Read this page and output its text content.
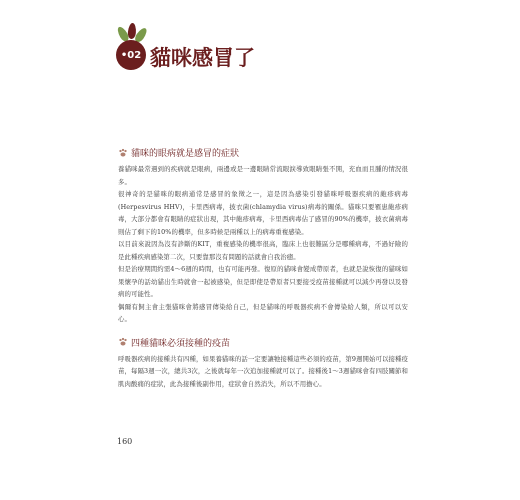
• 02 貓咪感冒了
貓咪的眼病就是感冒的症狀

養貓咪最常遇到的疾病就是眼病，兩邊或是一邊眼睛常流眼淚導致眼睛張不開，充血而且腫的情況很多。

很神奇的是貓咪的眼病通常是感冒的象徵之一，這是因為感染引發貓咪呼吸器疾病的皰疹病毒(Herpesvirus HHV)，卡里西病毒，披衣菌(chlamydia virus)病毒的關係。貓咪只要罹患皰疹病毒，大部分都會有眼睛的症狀出現，其中皰疹病毒，卡里西病毒佔了感冒的90%的機率，披衣菌病毒則佔了剩下的10%的機率，但多時候是兩種以上的病毒重複感染。

以目前來說因為沒有診斷的KIT，重複感染的機率很高，臨床上也很難區分是哪種病毒，不過好險的是此種疾病感染第二次，只要靠那沒有問題的話就會自我治癒。

但是治療期間約需4～6週的時間，也有可能再發。復原的貓咪會變成帶原者，也就是說恢復的貓咪如果懷孕的話幼貓出生時就會一起被感染，但是即使是帶原者只要接受疫苗接種就可以減少再發以及發病的可能性。

偶爾有飼主會主張貓咪會將感冒傳染給自己，但是貓咪的呼吸器疾病不會傳染給人類，所以可以安心。

四種貓咪必須接種的疫苗

呼吸器疾病的接種共有四種，如果養貓咪的話一定要讓牠接種這些必須的疫苗，第9週開始可以接種疫苗，每隔3週一次，總共3次，之後就每年一次追加接種就可以了。接種後1～3週貓咪會有四肢關節和肌肉酸痛的症狀，此為接種後副作用，症狀會自然消失，所以不用擔心。

160
